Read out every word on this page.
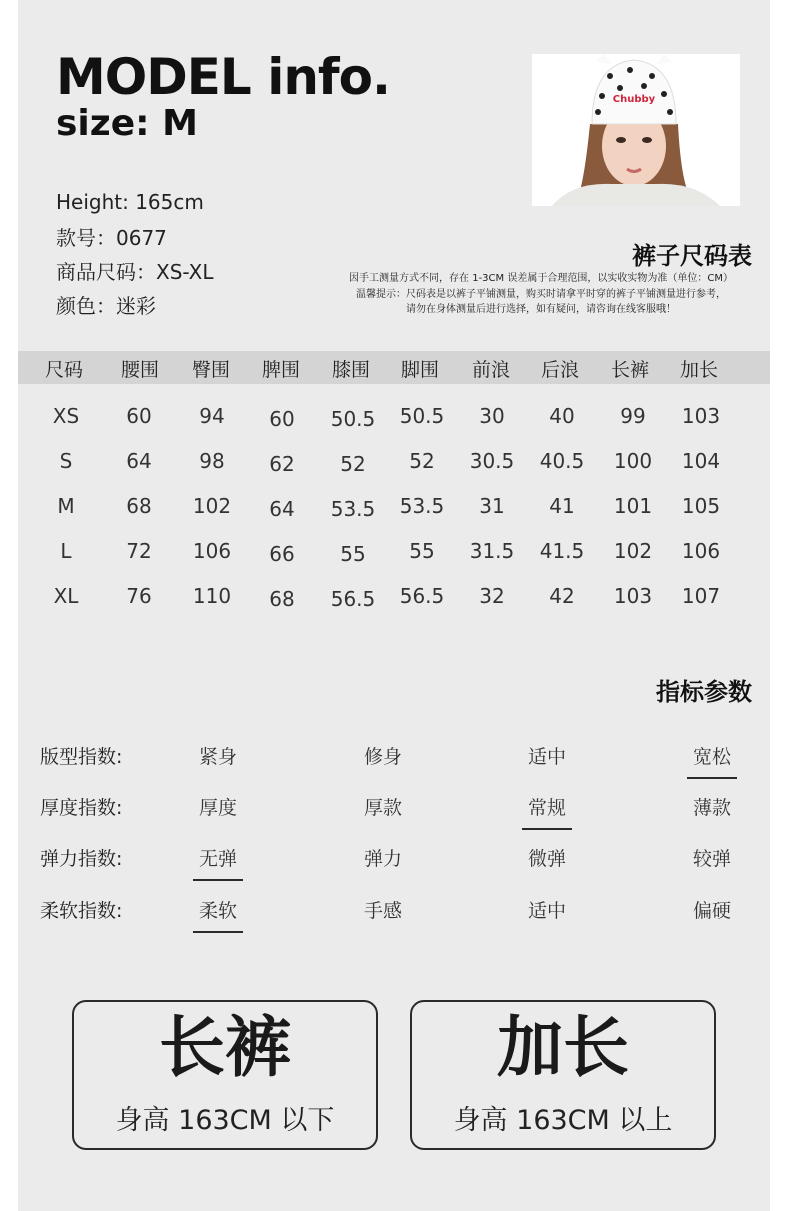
MODEL info.
size: M
Height: 165cm
款号：0677
商品尺码：XS-XL
颜色：迷彩
Chubby
裤子尺码表
因手工测量方式不同，存在 1-3CM 误差属于合理范围，以实收实物为准（单位：CM）
温馨提示：尺码表是以裤子平铺测量，购买时请拿平时穿的裤子平铺测量进行参考，
请勿在身体测量后进行选择，如有疑问，请咨询在线客服哦！
尺码 腰围 臀围 脾围 膝围 脚围 前浪 后浪 长裤 加长
XS 60 94 60 50.5 50.5 30 40 99 103
S	64 98 62 52 52 30.5 40.5 100 104
M	68 102 64 53.5 53.5 31 41 101 105
L	72 106 66 55 55 31.5 41.5 102 106
XL 76 110 68 56.5 56.5 32 42 103 107
指标参数
版型指数:	紧身	修身	适中	宽松
厚度指数:	厚度	厚款	常规	薄款
弹力指数:	无弹	弹力	微弹	较弹
柔软指数:	柔软	手感	适中	偏硬
长裤
身高 163CM 以下
加长
身高 163CM 以上
